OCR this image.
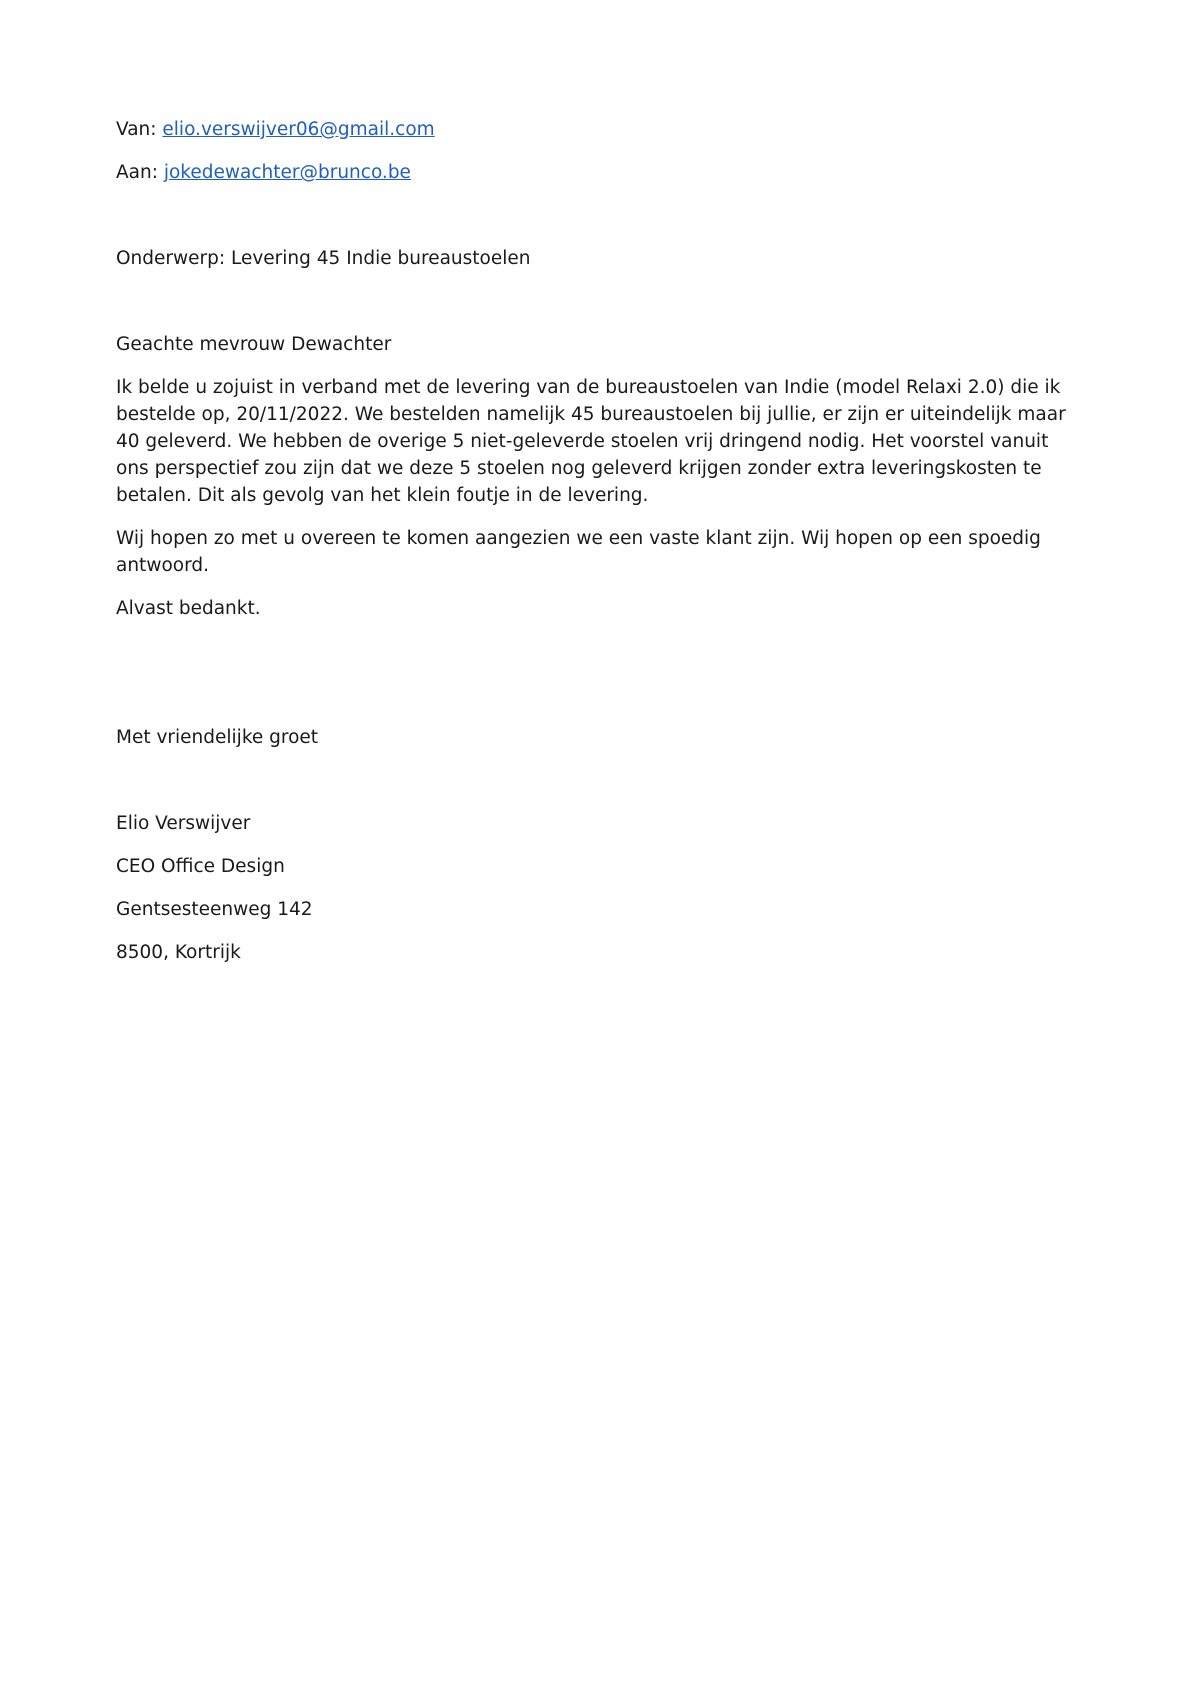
Van: elio.verswijver06@gmail.com

Aan: jokedewachter@brunco.be

Onderwerp: Levering 45 Indie bureaustoelen

Geachte mevrouw Dewachter

Ik belde u zojuist in verband met de levering van de bureaustoelen van Indie (model Relaxi 2.0) die ik bestelde op, 20/11/2022. We bestelden namelijk 45 bureaustoelen bij jullie, er zijn er uiteindelijk maar 40 geleverd. We hebben de overige 5 niet-geleverde stoelen vrij dringend nodig. Het voorstel vanuit ons perspectief zou zijn dat we deze 5 stoelen nog geleverd krijgen zonder extra leveringskosten te betalen. Dit als gevolg van het klein foutje in de levering.

Wij hopen zo met u overeen te komen aangezien we een vaste klant zijn. Wij hopen op een spoedig antwoord.

Alvast bedankt.

Met vriendelijke groet

Elio Verswijver

CEO Office Design

Gentsesteenweg 142

8500, Kortrijk
